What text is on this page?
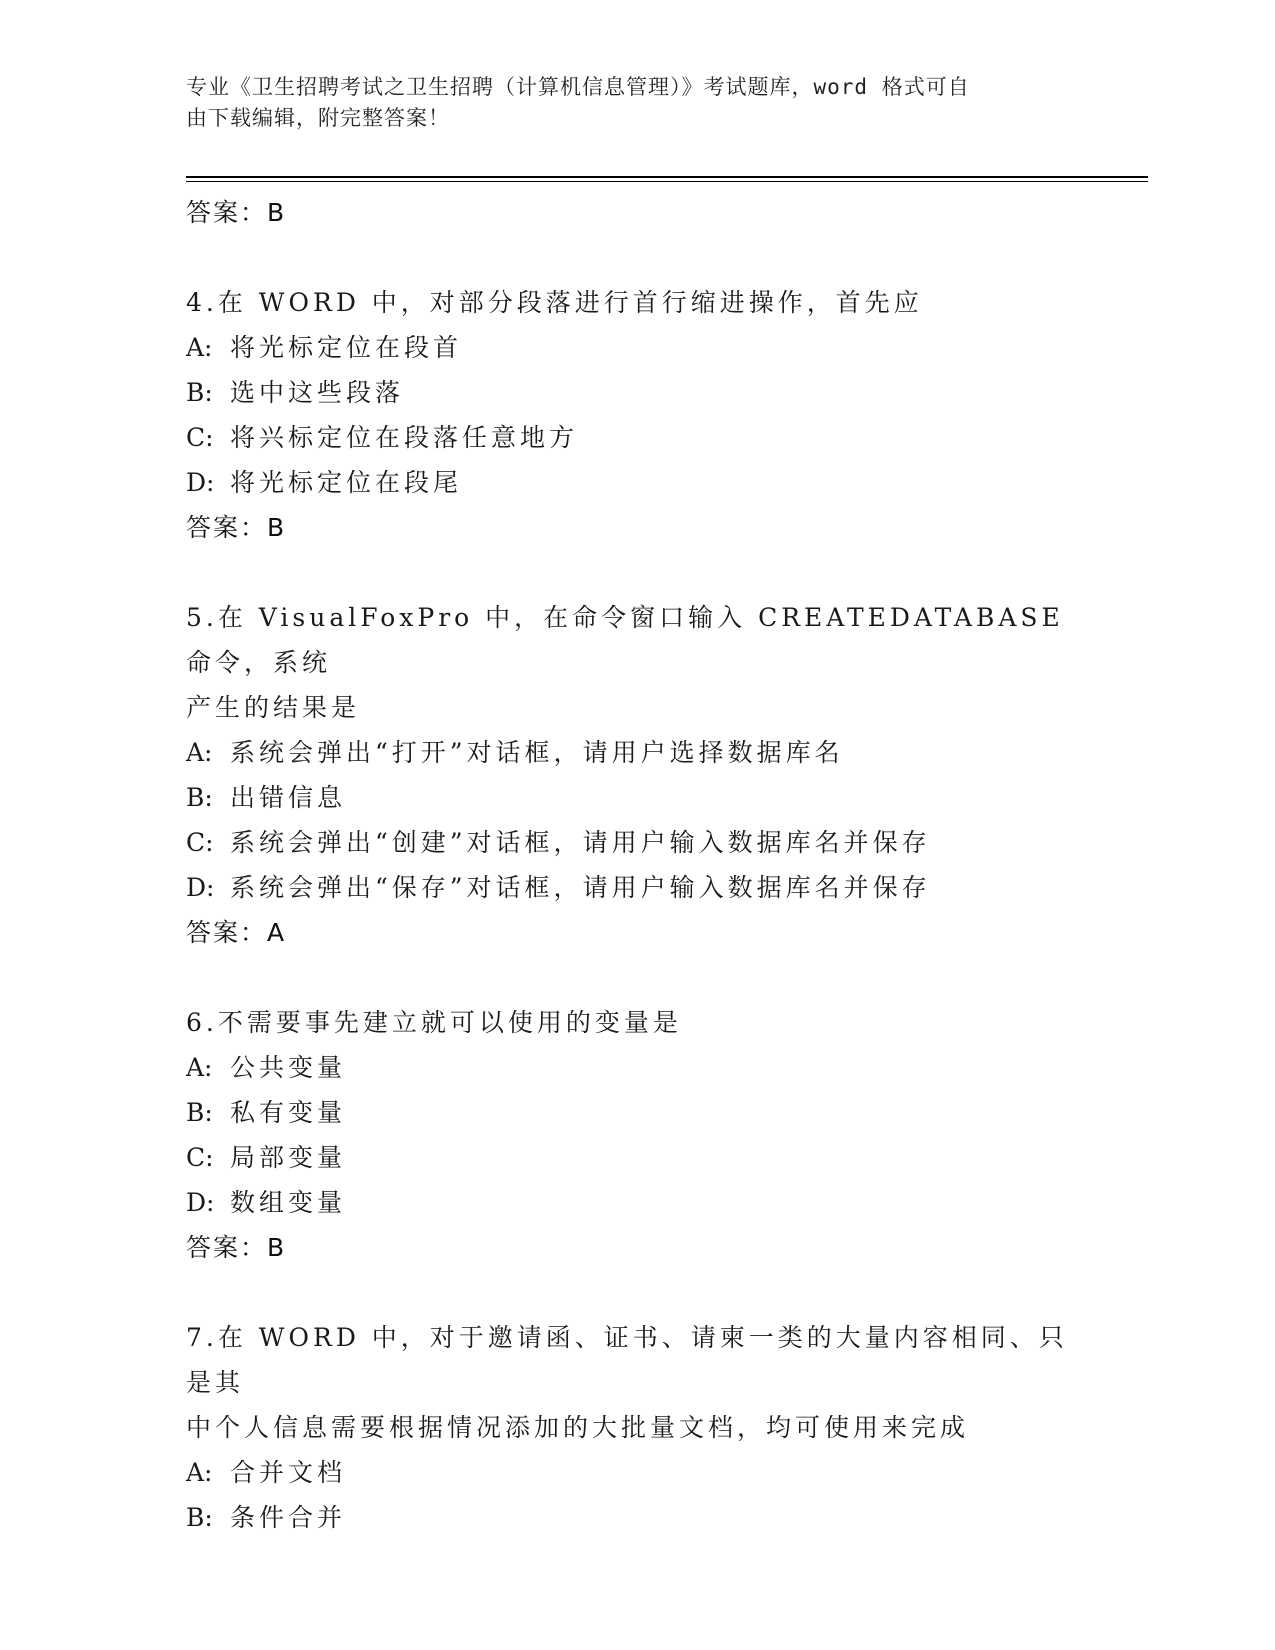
专业《卫生招聘考试之卫生招聘（计算机信息管理）》考试题库，word 格式可自
由下载编辑，附完整答案！
答案：B
4.在 WORD 中，对部分段落进行首行缩进操作，首先应
A: 将光标定位在段首
B: 选中这些段落
C: 将兴标定位在段落任意地方
D: 将光标定位在段尾
答案：B
5.在 VisualFoxPro 中，在命令窗口输入 CREATEDATABASE 命令，系统
产生的结果是
A: 系统会弹出“打开”对话框，请用户选择数据库名
B: 出错信息
C: 系统会弹出“创建”对话框，请用户输入数据库名并保存
D: 系统会弹出“保存”对话框，请用户输入数据库名并保存
答案：A
6.不需要事先建立就可以使用的变量是
A: 公共变量
B: 私有变量
C: 局部变量
D: 数组变量
答案：B
7.在 WORD 中，对于邀请函、证书、请柬一类的大量内容相同、只是其
中个人信息需要根据情况添加的大批量文档，均可使用来完成
A: 合并文档
B: 条件合并
